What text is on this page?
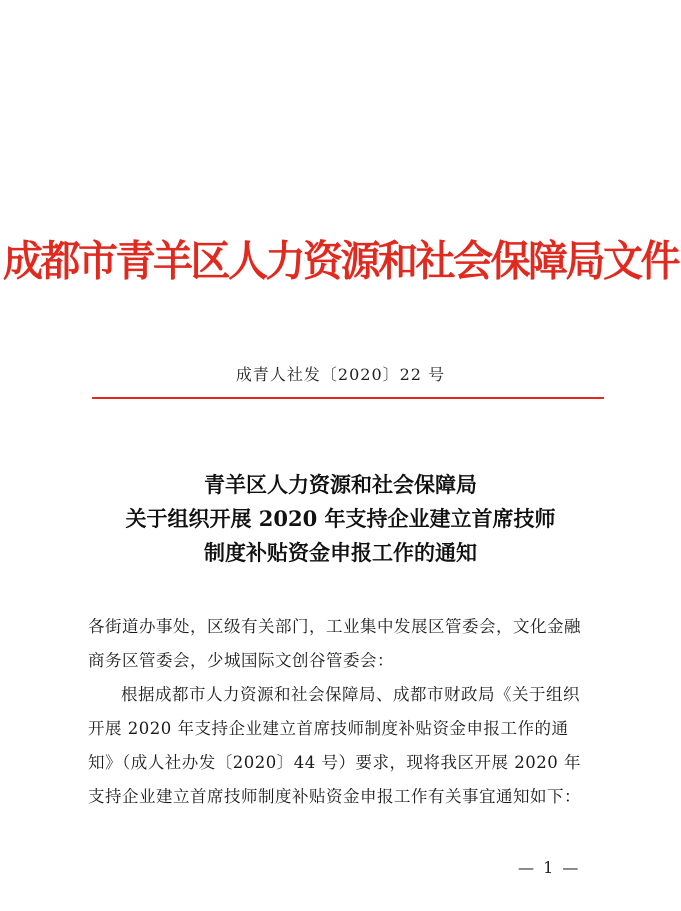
成都市青羊区人力资源和社会保障局文件
成青人社发〔2020〕22 号
青羊区人力资源和社会保障局
关于组织开展 2020 年支持企业建立首席技师
制度补贴资金申报工作的通知

各街道办事处，区级有关部门，工业集中发展区管委会，文化金融商务区管委会，少城国际文创谷管委会：

根据成都市人力资源和社会保障局、成都市财政局《关于组织开展 2020 年支持企业建立首席技师制度补贴资金申报工作的通知》（成人社办发〔2020〕44 号）要求，现将我区开展 2020 年支持企业建立首席技师制度补贴资金申报工作有关事宜通知如下：

— 1 —
